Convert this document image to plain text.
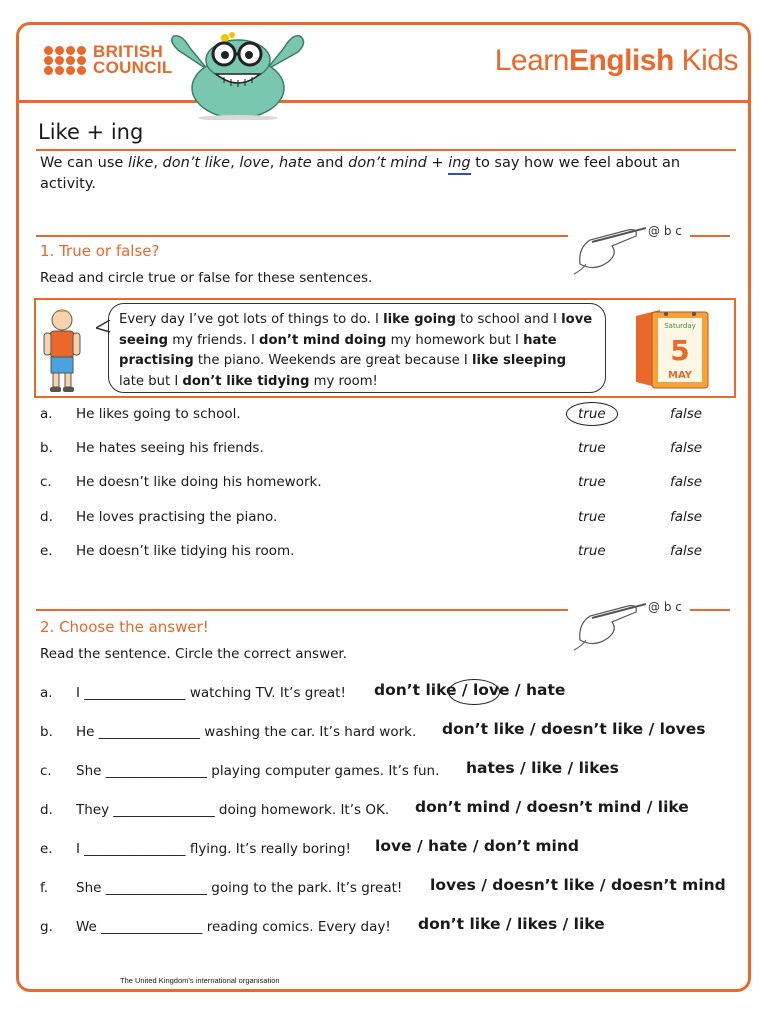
BRITISH
COUNCIL	LearnEnglish Kids
Like + ing
We can use like, don’t like, love, hate and don’t mind + ing to say how we feel about an activity.
1. True or false?
Read and circle true or false for these sentences.
@ b c
Every day I’ve got lots of things to do. I like going to school and I love seeing my friends. I don’t mind doing my homework but I hate practising the piano. Weekends are great because I like sleeping late but I don’t like tidying my room!
Saturday
5
MAY
a. He likes going to school.	true	false
b. He hates seeing his friends.	true	false
c. He doesn’t like doing his homework.	true	false
d. He loves practising the piano.	true	false
e. He doesn’t like tidying his room.	true	false
2. Choose the answer!
Read the sentence. Circle the correct answer.
@ b c
a. I _______________ watching TV. It’s great! don’t like / love / hate
b. He _______________ washing the car. It’s hard work. don’t like / doesn’t like / loves
c. She _______________ playing computer games. It’s fun. hates / like / likes
d. They _______________ doing homework. It’s OK. don’t mind / doesn’t mind / like
e. I _______________ flying. It’s really boring! love / hate / don’t mind
f. She _______________ going to the park. It’s great! loves / doesn’t like / doesn’t mind
g. We _______________ reading comics. Every day! don’t like / likes / like
The United Kingdom’s international organisation
